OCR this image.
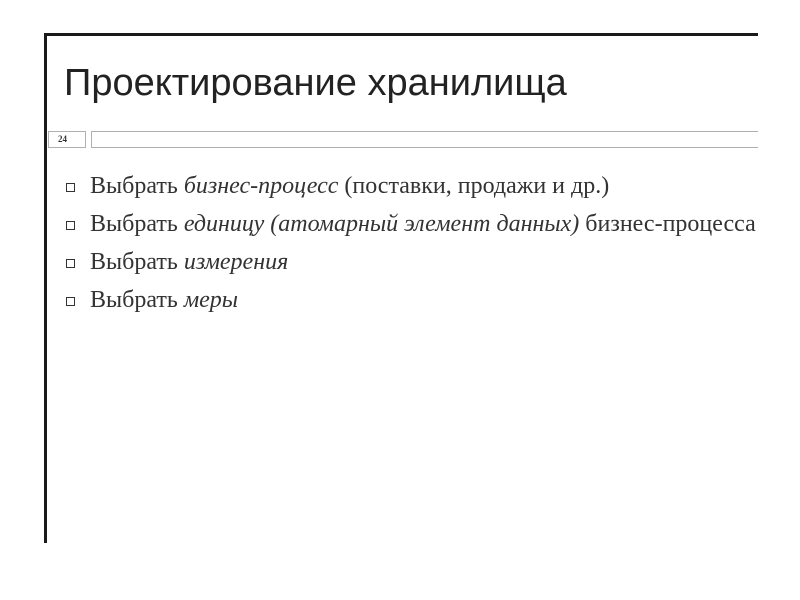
Проектирование хранилища
24
Выбрать бизнес-процесс (поставки, продажи и др.)
Выбрать единицу (атомарный элемент данных) бизнес-процесса
Выбрать измерения
Выбрать меры
